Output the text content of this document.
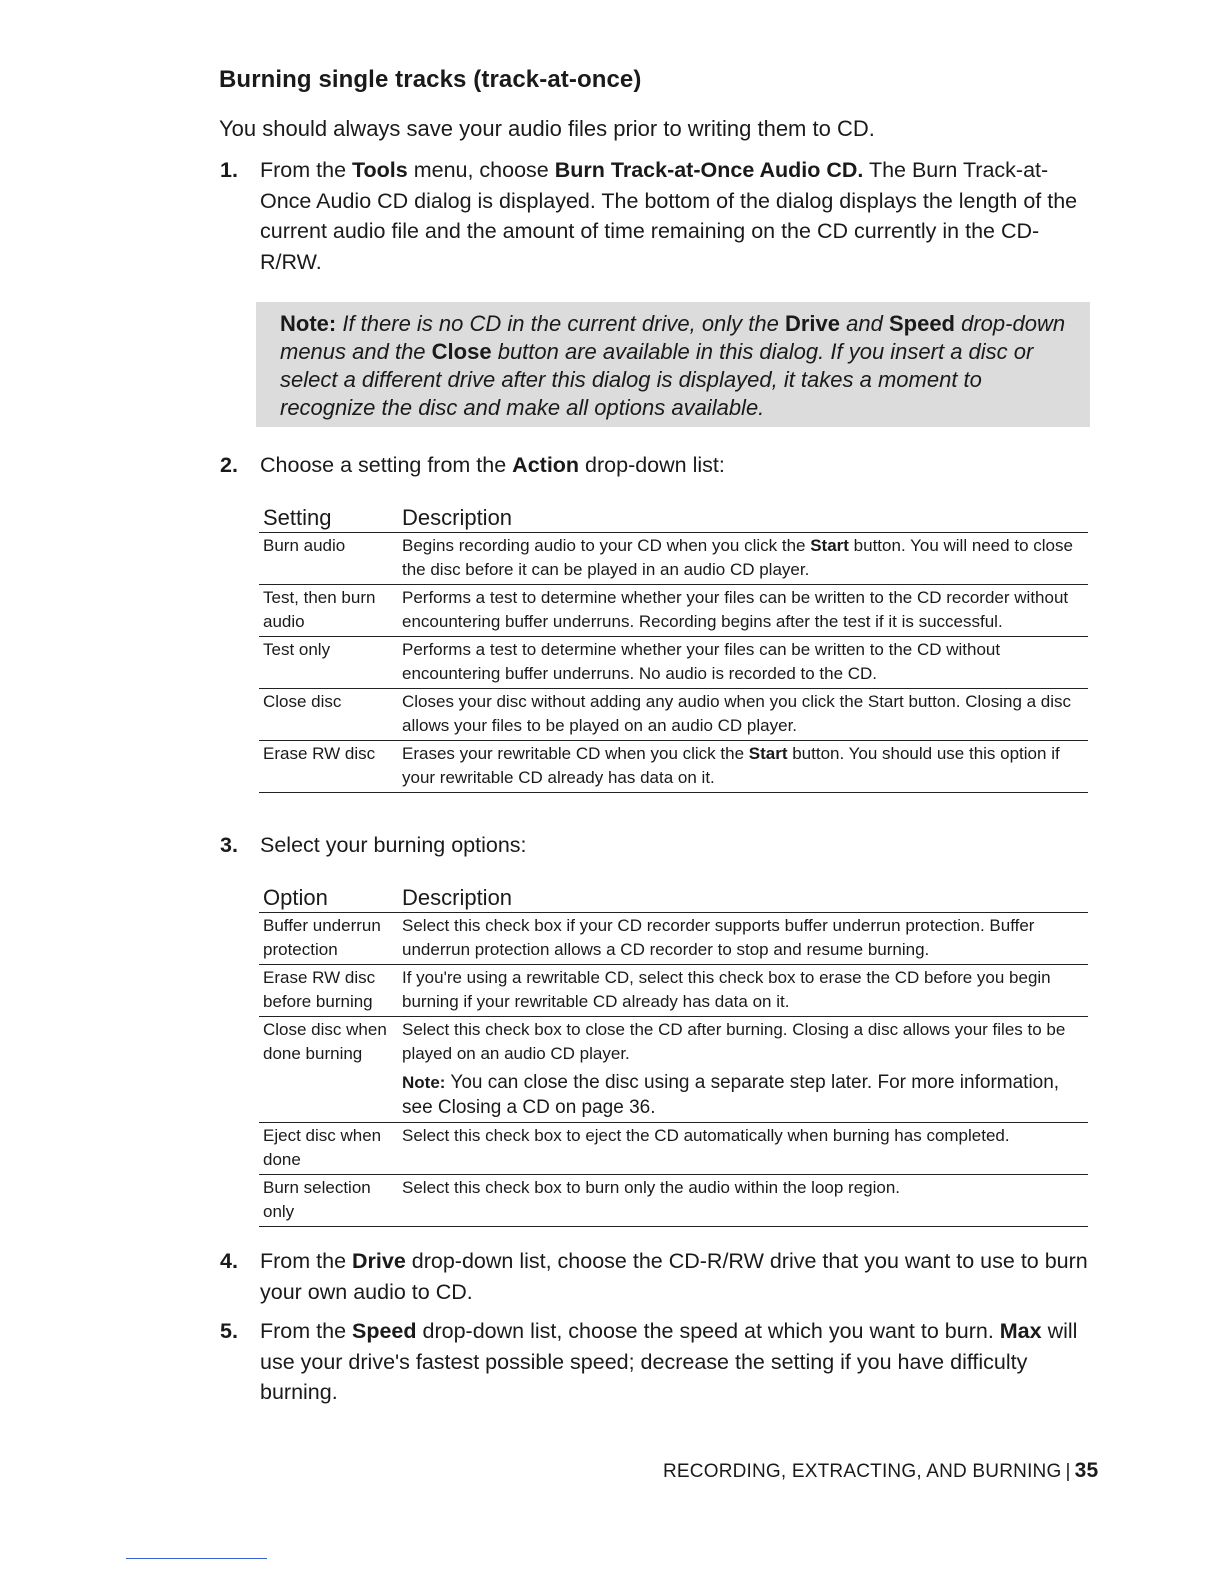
Burning single tracks (track-at-once)

You should always save your audio files prior to writing them to CD.

1. From the Tools menu, choose Burn Track-at-Once Audio CD. The Burn Track-at-Once Audio CD dialog is displayed. The bottom of the dialog displays the length of the current audio file and the amount of time remaining on the CD currently in the CD-R/RW.
Note: If there is no CD in the current drive, only the Drive and Speed drop-down menus and the Close button are available in this dialog. If you insert a disc or select a different drive after this dialog is displayed, it takes a moment to recognize the disc and make all options available.
2. Choose a setting from the Action drop-down list:
Setting	Description
Burn audio	Begins recording audio to your CD when you click the Start button. You will need to close the disc before it can be played in an audio CD player.
Test, then burn audio	Performs a test to determine whether your files can be written to the CD recorder without encountering buffer underruns. Recording begins after the test if it is successful.
Test only	Performs a test to determine whether your files can be written to the CD without encountering buffer underruns. No audio is recorded to the CD.
Close disc	Closes your disc without adding any audio when you click the Start button. Closing a disc allows your files to be played on an audio CD player.
Erase RW disc	Erases your rewritable CD when you click the Start button. You should use this option if your rewritable CD already has data on it.
3. Select your burning options:
Option	Description
Buffer underrun protection	Select this check box if your CD recorder supports buffer underrun protection. Buffer underrun protection allows a CD recorder to stop and resume burning.
Erase RW disc before burning	If you're using a rewritable CD, select this check box to erase the CD before you begin burning if your rewritable CD already has data on it.
Close disc when done burning	Select this check box to close the CD after burning. Closing a disc allows your files to be played on an audio CD player.
Note: You can close the disc using a separate step later. For more information, see Closing a CD on page 36.

Eject disc when done	Select this check box to eject the CD automatically when burning has completed.
Burn selection only	Select this check box to burn only the audio within the loop region.
4. From the Drive drop-down list, choose the CD-R/RW drive that you want to use to burn your own audio to CD.
5. From the Speed drop-down list, choose the speed at which you want to burn. Max will use your drive's fastest possible speed; decrease the setting if you have difficulty burning.
RECORDING, EXTRACTING, AND BURNING | 35
